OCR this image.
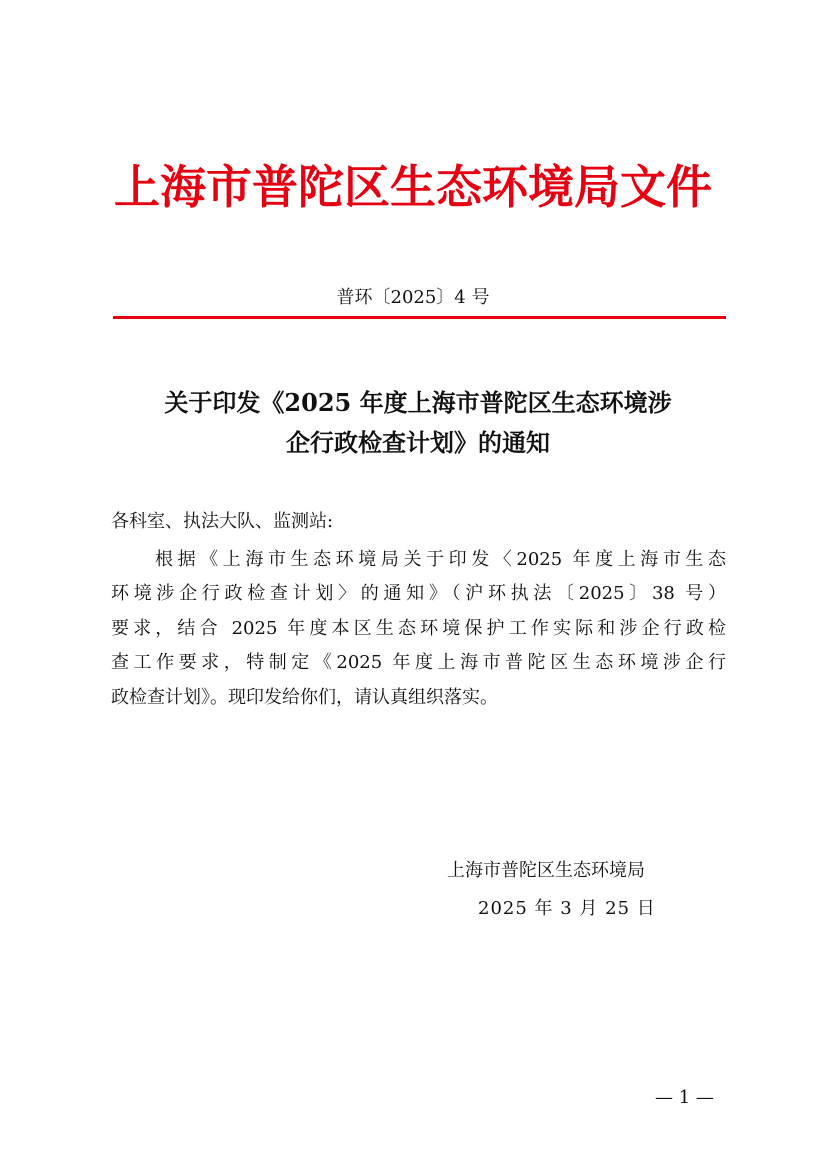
上海市普陀区生态环境局文件
普环〔2025〕4 号
关于印发《2025 年度上海市普陀区生态环境涉
企行政检查计划》的通知
各科室、执法大队、监测站:
根据《上海市生态环境局关于印发〈2025 年度上海市生态
环境涉企行政检查计划〉的通知》（沪环执法〔2025〕38 号）
要求，结合 2025 年度本区生态环境保护工作实际和涉企行政检
查工作要求，特制定《2025 年度上海市普陀区生态环境涉企行
政检查计划》。现印发给你们，请认真组织落实。
上海市普陀区生态环境局
2025 年 3 月 25 日
— 1 —
